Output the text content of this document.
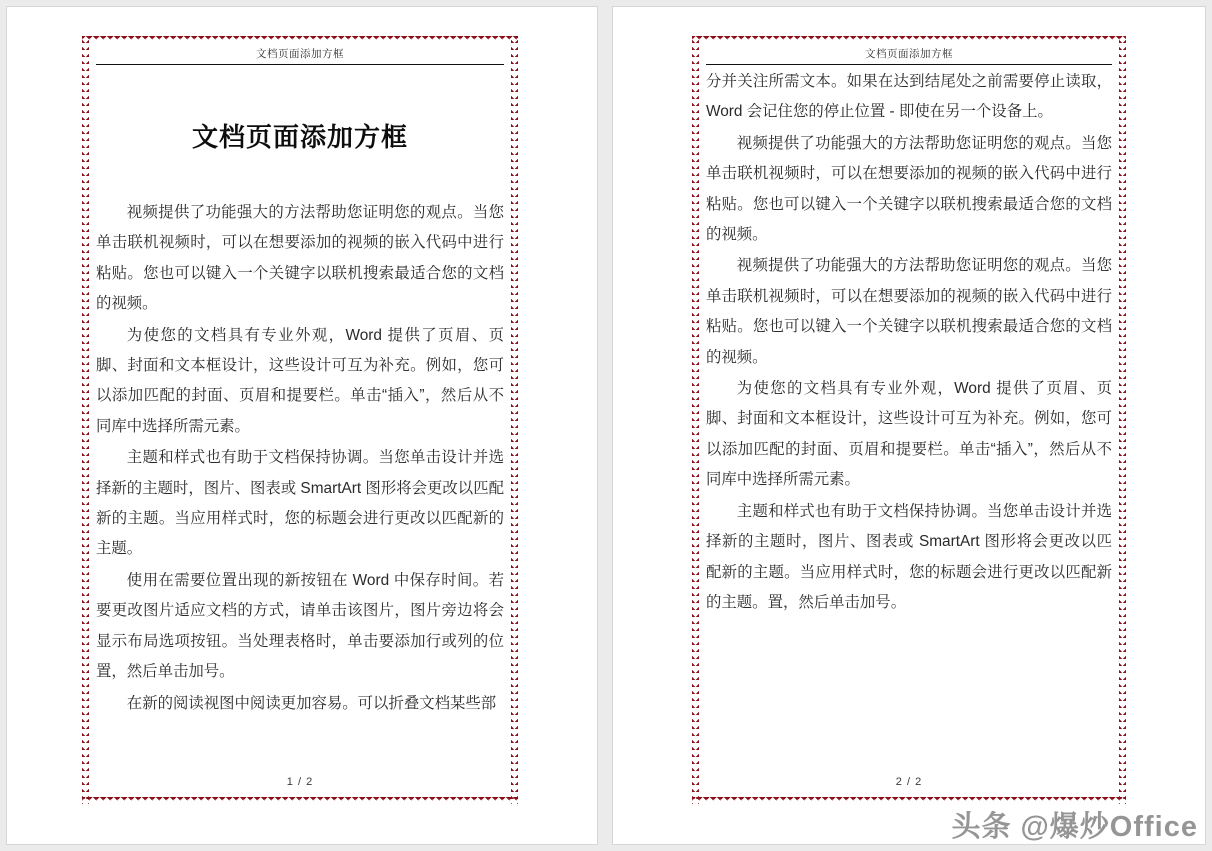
文档页面添加方框
文档页面添加方框

视频提供了功能强大的方法帮助您证明您的观点。当您单击联机视频时，可以在想要添加的视频的嵌入代码中进行粘贴。您也可以键入一个关键字以联机搜索最适合您的文档的视频。

为使您的文档具有专业外观，Word 提供了页眉、页脚、封面和文本框设计，这些设计可互为补充。例如，您可以添加匹配的封面、页眉和提要栏。单击“插入”，然后从不同库中选择所需元素。

主题和样式也有助于文档保持协调。当您单击设计并选择新的主题时，图片、图表或 SmartArt 图形将会更改以匹配新的主题。当应用样式时，您的标题会进行更改以匹配新的主题。

使用在需要位置出现的新按钮在 Word 中保存时间。若要更改图片适应文档的方式，请单击该图片，图片旁边将会显示布局选项按钮。当处理表格时，单击要添加行或列的位置，然后单击加号。

在新的阅读视图中阅读更加容易。可以折叠文档某些部

1 / 2
文档页面添加方框

分并关注所需文本。如果在达到结尾处之前需要停止读取，Word 会记住您的停止位置 - 即使在另一个设备上。

视频提供了功能强大的方法帮助您证明您的观点。当您单击联机视频时，可以在想要添加的视频的嵌入代码中进行粘贴。您也可以键入一个关键字以联机搜索最适合您的文档的视频。

视频提供了功能强大的方法帮助您证明您的观点。当您单击联机视频时，可以在想要添加的视频的嵌入代码中进行粘贴。您也可以键入一个关键字以联机搜索最适合您的文档的视频。

为使您的文档具有专业外观，Word 提供了页眉、页脚、封面和文本框设计，这些设计可互为补充。例如，您可以添加匹配的封面、页眉和提要栏。单击“插入”，然后从不同库中选择所需元素。

主题和样式也有助于文档保持协调。当您单击设计并选择新的主题时，图片、图表或 SmartArt 图形将会更改以匹配新的主题。当应用样式时，您的标题会进行更改以匹配新的主题。置，然后单击加号。

2 / 2
头条 @爆炒Office
